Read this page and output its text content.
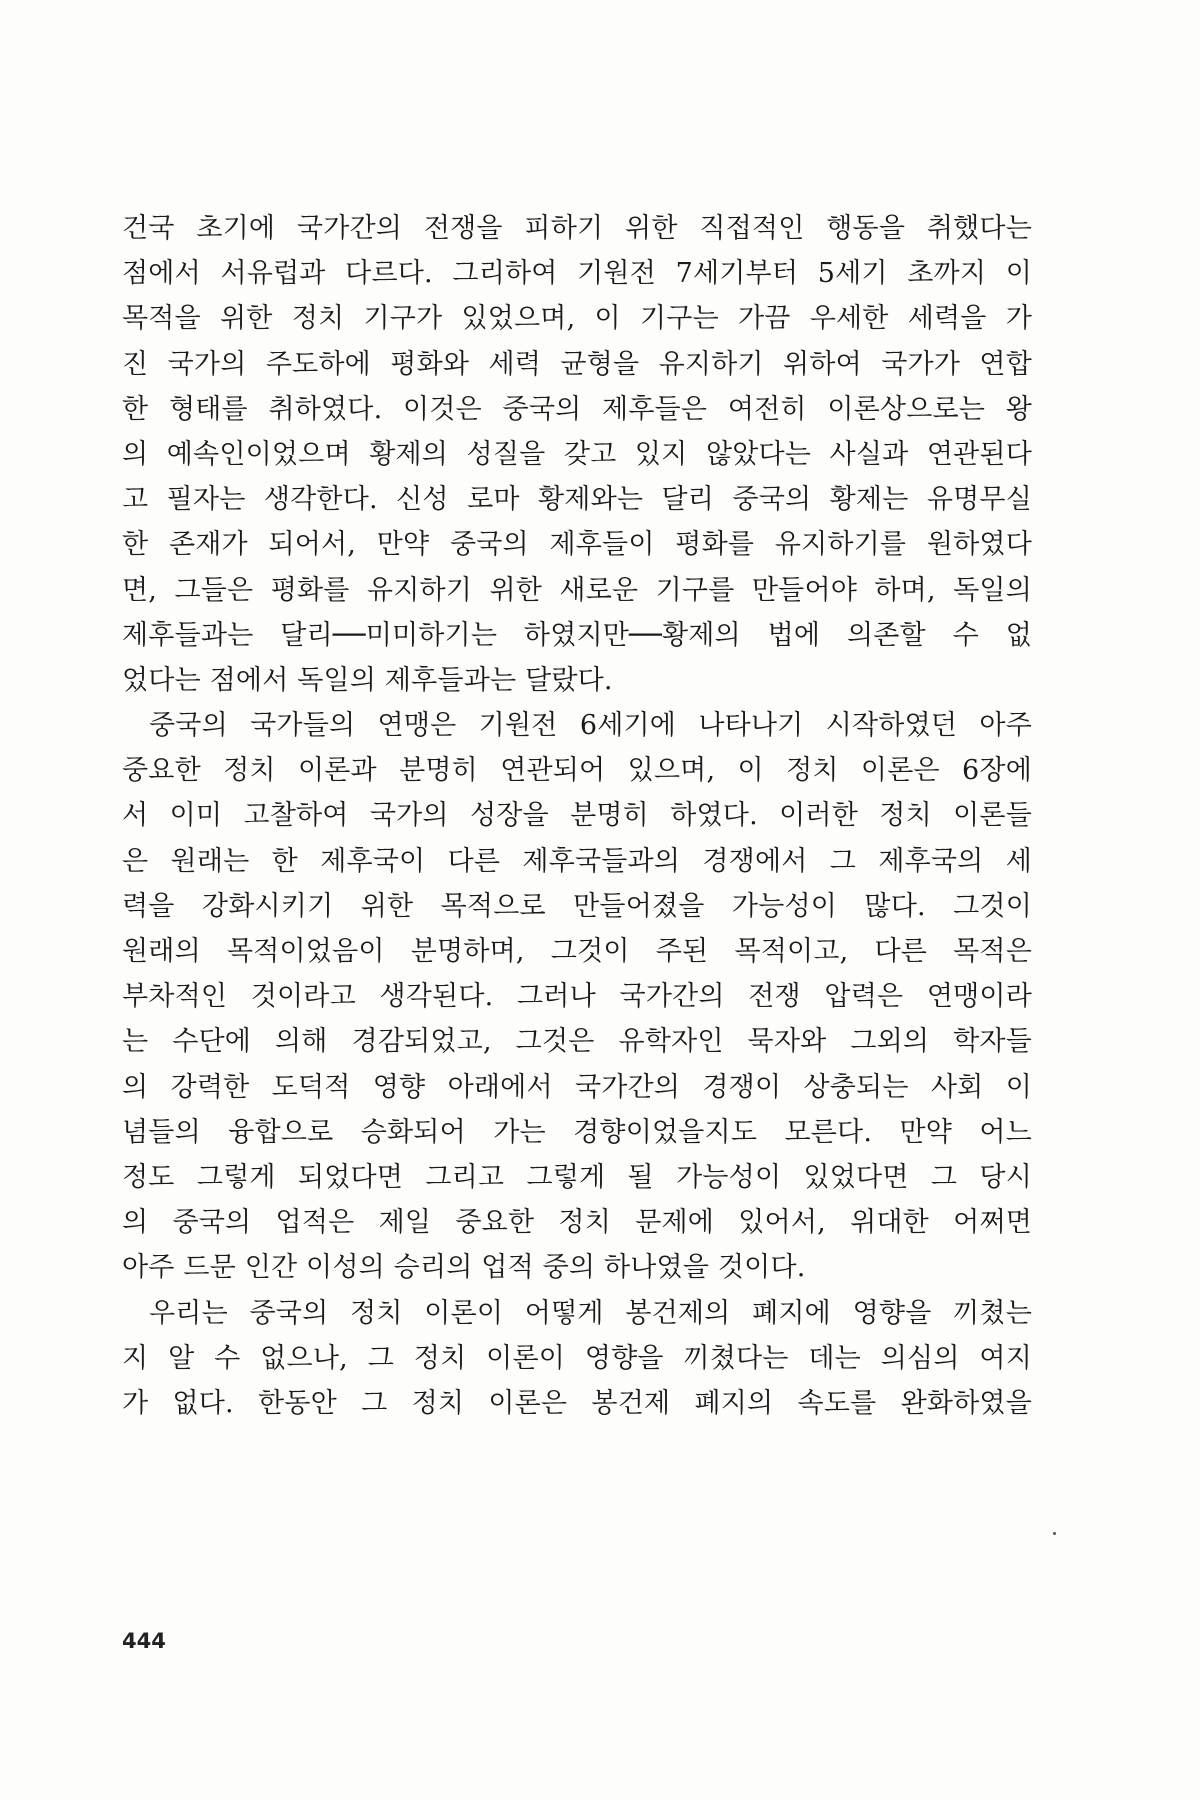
건국 초기에 국가간의 전쟁을 피하기 위한 직접적인 행동을 취했다는
점에서 서유럽과 다르다. 그리하여 기원전 7세기부터 5세기 초까지 이
목적을 위한 정치 기구가 있었으며, 이 기구는 가끔 우세한 세력을 가
진 국가의 주도하에 평화와 세력 균형을 유지하기 위하여 국가가 연합
한 형태를 취하였다. 이것은 중국의 제후들은 여전히 이론상으로는 왕
의 예속인이었으며 황제의 성질을 갖고 있지 않았다는 사실과 연관된다
고 필자는 생각한다. 신성 로마 황제와는 달리 중국의 황제는 유명무실
한 존재가 되어서, 만약 중국의 제후들이 평화를 유지하기를 원하였다
면, 그들은 평화를 유지하기 위한 새로운 기구를 만들어야 하며, 독일의
제후들과는 달리──미미하기는 하였지만──황제의 법에 의존할 수 없
었다는 점에서 독일의 제후들과는 달랐다.
중국의 국가들의 연맹은 기원전 6세기에 나타나기 시작하였던 아주
중요한 정치 이론과 분명히 연관되어 있으며, 이 정치 이론은 6장에
서 이미 고찰하여 국가의 성장을 분명히 하였다. 이러한 정치 이론들
은 원래는 한 제후국이 다른 제후국들과의 경쟁에서 그 제후국의 세
력을 강화시키기 위한 목적으로 만들어졌을 가능성이 많다. 그것이
원래의 목적이었음이 분명하며, 그것이 주된 목적이고, 다른 목적은
부차적인 것이라고 생각된다. 그러나 국가간의 전쟁 압력은 연맹이라
는 수단에 의해 경감되었고, 그것은 유학자인 묵자와 그외의 학자들
의 강력한 도덕적 영향 아래에서 국가간의 경쟁이 상충되는 사회 이
념들의 융합으로 승화되어 가는 경향이었을지도 모른다. 만약 어느
정도 그렇게 되었다면 그리고 그렇게 될 가능성이 있었다면 그 당시
의 중국의 업적은 제일 중요한 정치 문제에 있어서, 위대한 어쩌면
아주 드문 인간 이성의 승리의 업적 중의 하나였을 것이다.
우리는 중국의 정치 이론이 어떻게 봉건제의 폐지에 영향을 끼쳤는
지 알 수 없으나, 그 정치 이론이 영향을 끼쳤다는 데는 의심의 여지
가 없다. 한동안 그 정치 이론은 봉건제 폐지의 속도를 완화하였을
444
